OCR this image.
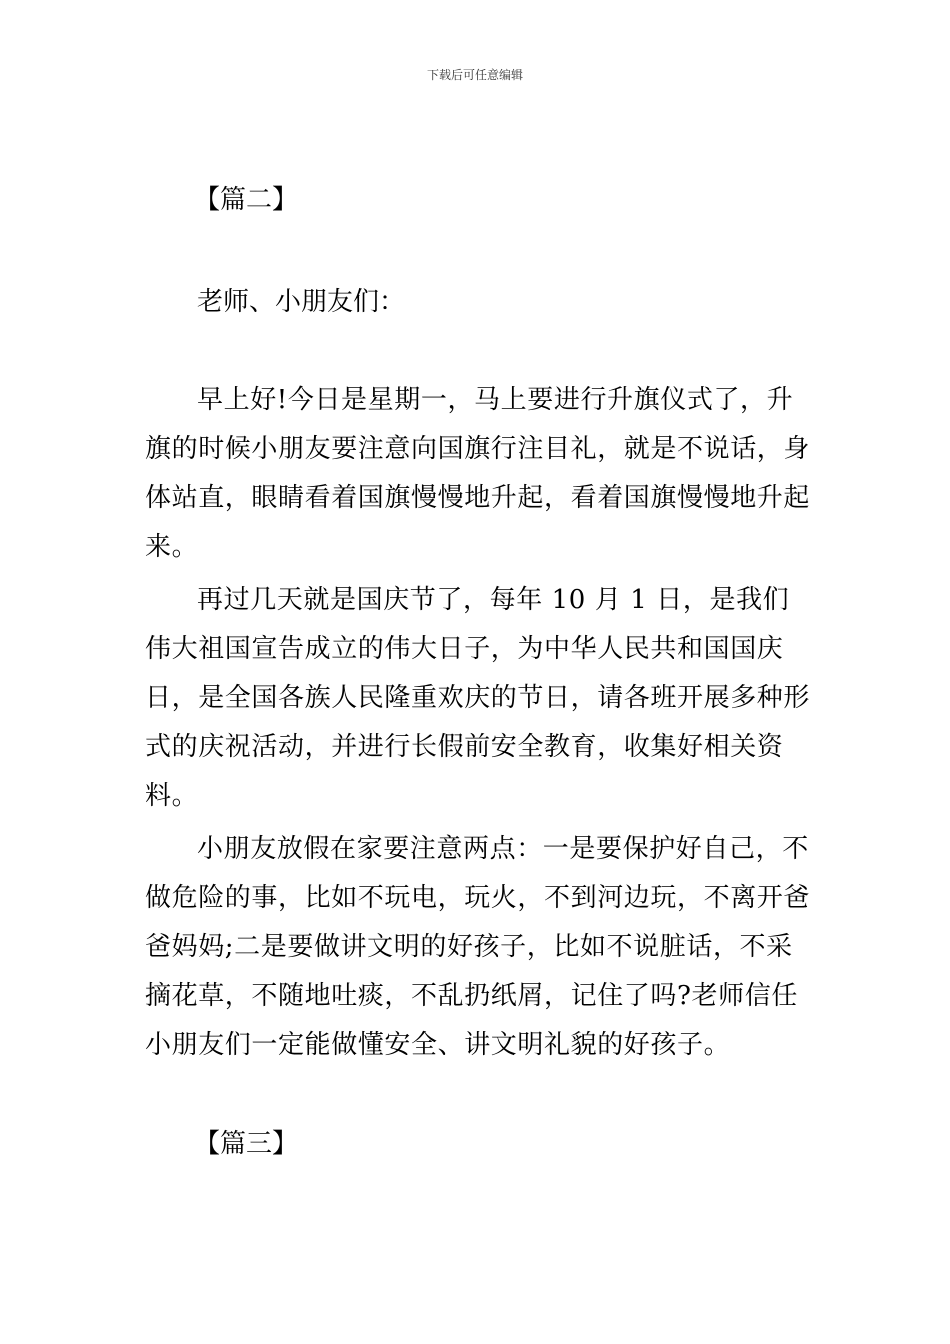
下载后可任意编辑
【篇二】
老师、小朋友们：

早上好!今日是星期一，马上要进行升旗仪式了，升旗的时候小朋友要注意向国旗行注目礼，就是不说话，身体站直，眼睛看着国旗慢慢地升起，看着国旗慢慢地升起来。

再过几天就是国庆节了，每年 10 月 1 日，是我们伟大祖国宣告成立的伟大日子，为中华人民共和国国庆日，是全国各族人民隆重欢庆的节日，请各班开展多种形式的庆祝活动，并进行长假前安全教育，收集好相关资料。

小朋友放假在家要注意两点：一是要保护好自己，不做危险的事，比如不玩电，玩火，不到河边玩，不离开爸爸妈妈;二是要做讲文明的好孩子，比如不说脏话，不采摘花草，不随地吐痰，不乱扔纸屑，记住了吗?老师信任小朋友们一定能做懂安全、讲文明礼貌的好孩子。

【篇三】
